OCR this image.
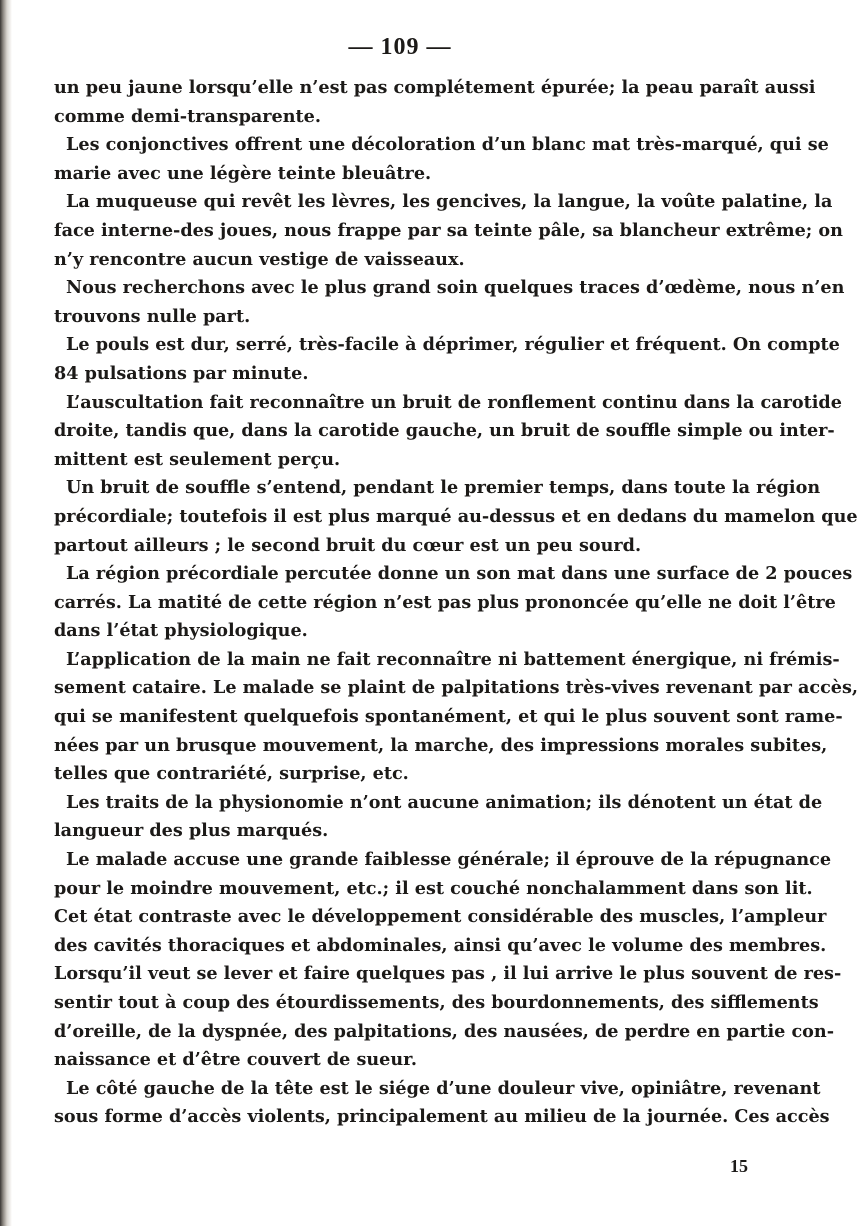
— 109 —
un peu jaune lorsqu’elle n’est pas complétement épurée; la peau paraît aussi
comme demi-transparente.
Les conjonctives offrent une décoloration d’un blanc mat très-marqué, qui se
marie avec une légère teinte bleuâtre.
La muqueuse qui revêt les lèvres, les gencives, la langue, la voûte palatine, la
face interne-des joues, nous frappe par sa teinte pâle, sa blancheur extrême; on
n’y rencontre aucun vestige de vaisseaux.
Nous recherchons avec le plus grand soin quelques traces d’œdème, nous n’en
trouvons nulle part.
Le pouls est dur, serré, très-facile à déprimer, régulier et fréquent. On compte
84 pulsations par minute.
L’auscultation fait reconnaître un bruit de ronflement continu dans la carotide
droite, tandis que, dans la carotide gauche, un bruit de souffle simple ou inter-
mittent est seulement perçu.
Un bruit de souffle s’entend, pendant le premier temps, dans toute la région
précordiale; toutefois il est plus marqué au-dessus et en dedans du mamelon que
partout ailleurs ; le second bruit du cœur est un peu sourd.
La région précordiale percutée donne un son mat dans une surface de 2 pouces
carrés. La matité de cette région n’est pas plus prononcée qu’elle ne doit l’être
dans l’état physiologique.
L’application de la main ne fait reconnaître ni battement énergique, ni frémis-
sement cataire. Le malade se plaint de palpitations très-vives revenant par accès,
qui se manifestent quelquefois spontanément, et qui le plus souvent sont rame-
nées par un brusque mouvement, la marche, des impressions morales subites,
telles que contrariété, surprise, etc.
Les traits de la physionomie n’ont aucune animation; ils dénotent un état de
langueur des plus marqués.
Le malade accuse une grande faiblesse générale; il éprouve de la répugnance
pour le moindre mouvement, etc.; il est couché nonchalamment dans son lit.
Cet état contraste avec le développement considérable des muscles, l’ampleur
des cavités thoraciques et abdominales, ainsi qu’avec le volume des membres.
Lorsqu’il veut se lever et faire quelques pas , il lui arrive le plus souvent de res-
sentir tout à coup des étourdissements, des bourdonnements, des sifflements
d’oreille, de la dyspnée, des palpitations, des nausées, de perdre en partie con-
naissance et d’être couvert de sueur.
Le côté gauche de la tête est le siége d’une douleur vive, opiniâtre, revenant
sous forme d’accès violents, principalement au milieu de la journée. Ces accès
15
